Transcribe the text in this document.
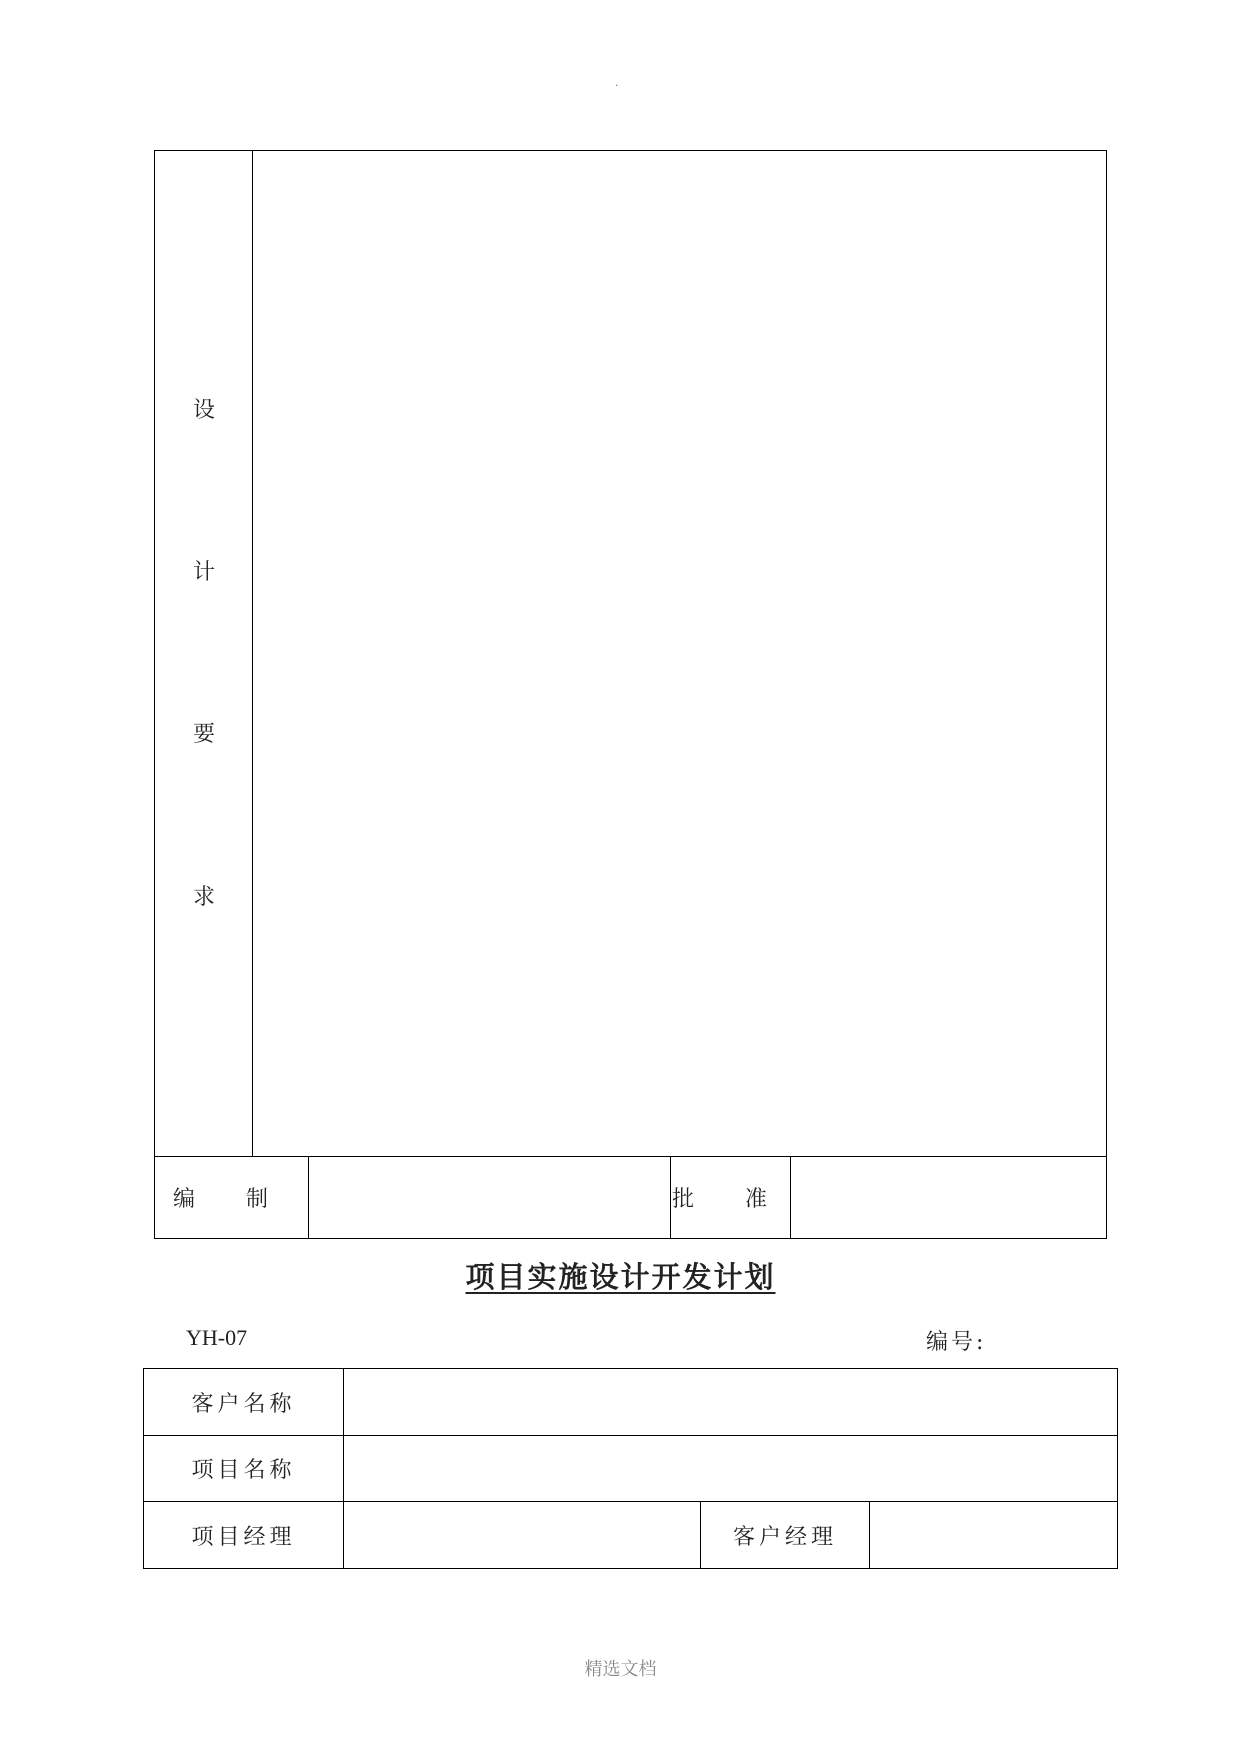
.
设
计
要
求
编 制	批 准
项目实施设计开发计划
YH-07	编号:
客户名称
项目名称
项目经理	客户经理
精选文档
